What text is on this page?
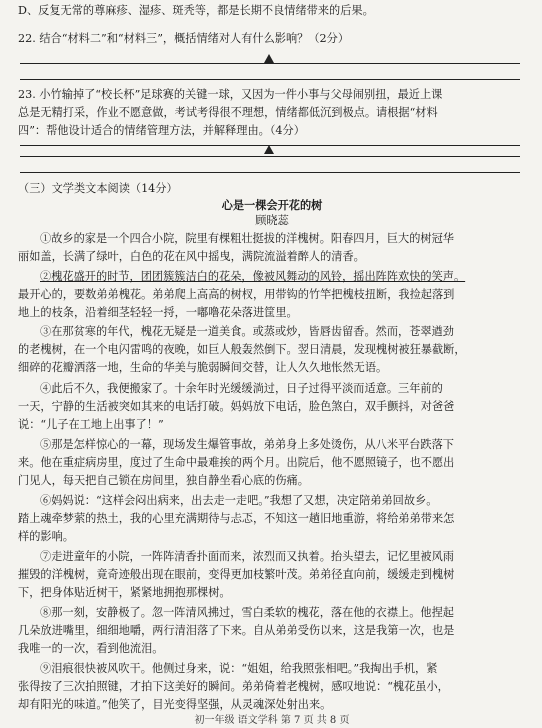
D、反复无常的尊麻疹、湿疹、斑秃等，都是长期不良情绪带来的后果。
22. 结合“材料二”和“材料三”，概括情绪对人有什么影响？（2分）
23. 小竹输掉了“校长杯”足球赛的关键一球，又因为一件小事与父母闹别扭，最近上课
总是无精打采，作业不愿意做，考试考得很不理想，情绪都低沉到极点。请根据“材料
四”：帮他设计适合的情绪管理方法，并解释理由。（4分）
（三）文学类文本阅读（14分）
心是一棵会开花的树
顾晓蕊
①故乡的家是一个四合小院，院里有棵粗壮挺拔的洋槐树。阳春四月，巨大的树冠华
丽如盖，长满了绿叶，白色的花在风中摇曳，满院流溢着醉人的清香。
②槐花盛开的时节，团团簇簇洁白的花朵，像被风舞动的风铃，摇出阵阵欢快的笑声。
最开心的，要数弟弟槐花。弟弟爬上高高的树杈，用带钩的竹竿把槐枝扭断，我捡起落到
地上的枝条，沿着细茎轻轻一捋，一嘟噜花朵落进筐里。
③在那贫寒的年代，槐花无疑是一道美食。或蒸或炒，皆唇齿留香。然而，苍翠遒劲
的老槐树，在一个电闪雷鸣的夜晚，如巨人般轰然倒下。翌日清晨，发现槐树被狂暴截断，
细碎的花瓣洒落一地，生命的华美与脆弱瞬间交替，让人久久地怅然无语。
④此后不久，我便搬家了。十余年时光缓缓淌过，日子过得平淡而适意。三年前的
一天，宁静的生活被突如其来的电话打破。妈妈放下电话，脸色煞白，双手颤抖，对爸爸
说：“儿子在工地上出事了！”
⑤那是怎样惊心的一幕，现场发生爆管事故，弟弟身上多处烫伤，从八米平台跌落下
来。他在重症病房里，度过了生命中最难挨的两个月。出院后，他不愿照镜子，也不愿出
门见人，每天把自己锁在房间里，独自静坐看心底的伤痛。
⑥妈妈说：“这样会闷出病来，出去走一走吧。”我想了又想，决定陪弟弟回故乡。
踏上魂牵梦萦的热土，我的心里充满期待与忐忑，不知这一趟旧地重游，将给弟弟带来怎
样的影响。
⑦走进童年的小院，一阵阵清香扑面而来，浓烈而又执着。抬头望去，记忆里被风雨
摧毁的洋槐树，竟奇迹般出现在眼前，变得更加枝繁叶茂。弟弟径直向前，缓缓走到槐树
下，把身体贴近树干，紧紧地拥抱那棵树。
⑧那一刻，安静极了。忽一阵清风拂过，雪白柔软的槐花，落在他的衣襟上。他捏起
几朵放进嘴里，细细地嚼，两行清泪落了下来。自从弟弟受伤以来，这是我第一次，也是
我唯一的一次，看到他流泪。
⑨泪痕很快被风吹干。他侧过身来，说：“姐姐，给我照张相吧。”我掏出手机，紧
张得按了三次拍照键，才拍下这美好的瞬间。弟弟倚着老槐树，感叹地说：“槐花虽小，
却有阳光的味道。”他笑了，目光变得坚强，从灵魂深处射出来。
初一年级 语文学科 第 7 页 共 8 页
